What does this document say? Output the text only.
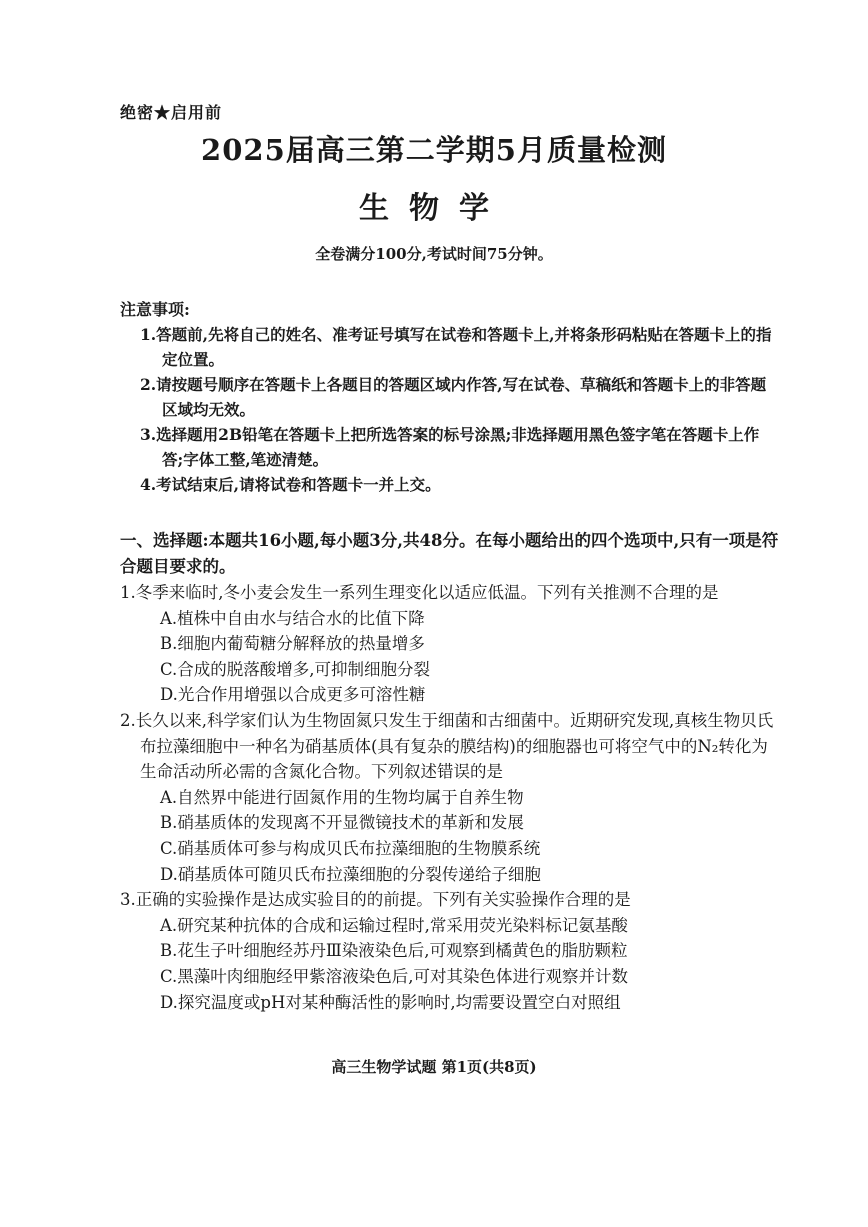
绝密★启用前
2025届高三第二学期5月质量检测
生物学
全卷满分100分,考试时间75分钟。
注意事项:
1.答题前,先将自己的姓名、准考证号填写在试卷和答题卡上,并将条形码粘贴在答题卡上的指定位置。
2.请按题号顺序在答题卡上各题目的答题区域内作答,写在试卷、草稿纸和答题卡上的非答题区域均无效。
3.选择题用2B铅笔在答题卡上把所选答案的标号涂黑;非选择题用黑色签字笔在答题卡上作答;字体工整,笔迹清楚。
4.考试结束后,请将试卷和答题卡一并上交。
一、选择题:本题共16小题,每小题3分,共48分。在每小题给出的四个选项中,只有一项是符合题目要求的。
1.冬季来临时,冬小麦会发生一系列生理变化以适应低温。下列有关推测不合理的是
A.植株中自由水与结合水的比值下降
B.细胞内葡萄糖分解释放的热量增多
C.合成的脱落酸增多,可抑制细胞分裂
D.光合作用增强以合成更多可溶性糖
2.长久以来,科学家们认为生物固氮只发生于细菌和古细菌中。近期研究发现,真核生物贝氏布拉藻细胞中一种名为硝基质体(具有复杂的膜结构)的细胞器也可将空气中的N₂转化为生命活动所必需的含氮化合物。下列叙述错误的是
A.自然界中能进行固氮作用的生物均属于自养生物
B.硝基质体的发现离不开显微镜技术的革新和发展
C.硝基质体可参与构成贝氏布拉藻细胞的生物膜系统
D.硝基质体可随贝氏布拉藻细胞的分裂传递给子细胞
3.正确的实验操作是达成实验目的的前提。下列有关实验操作合理的是
A.研究某种抗体的合成和运输过程时,常采用荧光染料标记氨基酸
B.花生子叶细胞经苏丹Ⅲ染液染色后,可观察到橘黄色的脂肪颗粒
C.黑藻叶肉细胞经甲紫溶液染色后,可对其染色体进行观察并计数
D.探究温度或pH对某种酶活性的影响时,均需要设置空白对照组
高三生物学试题 第1页(共8页)
